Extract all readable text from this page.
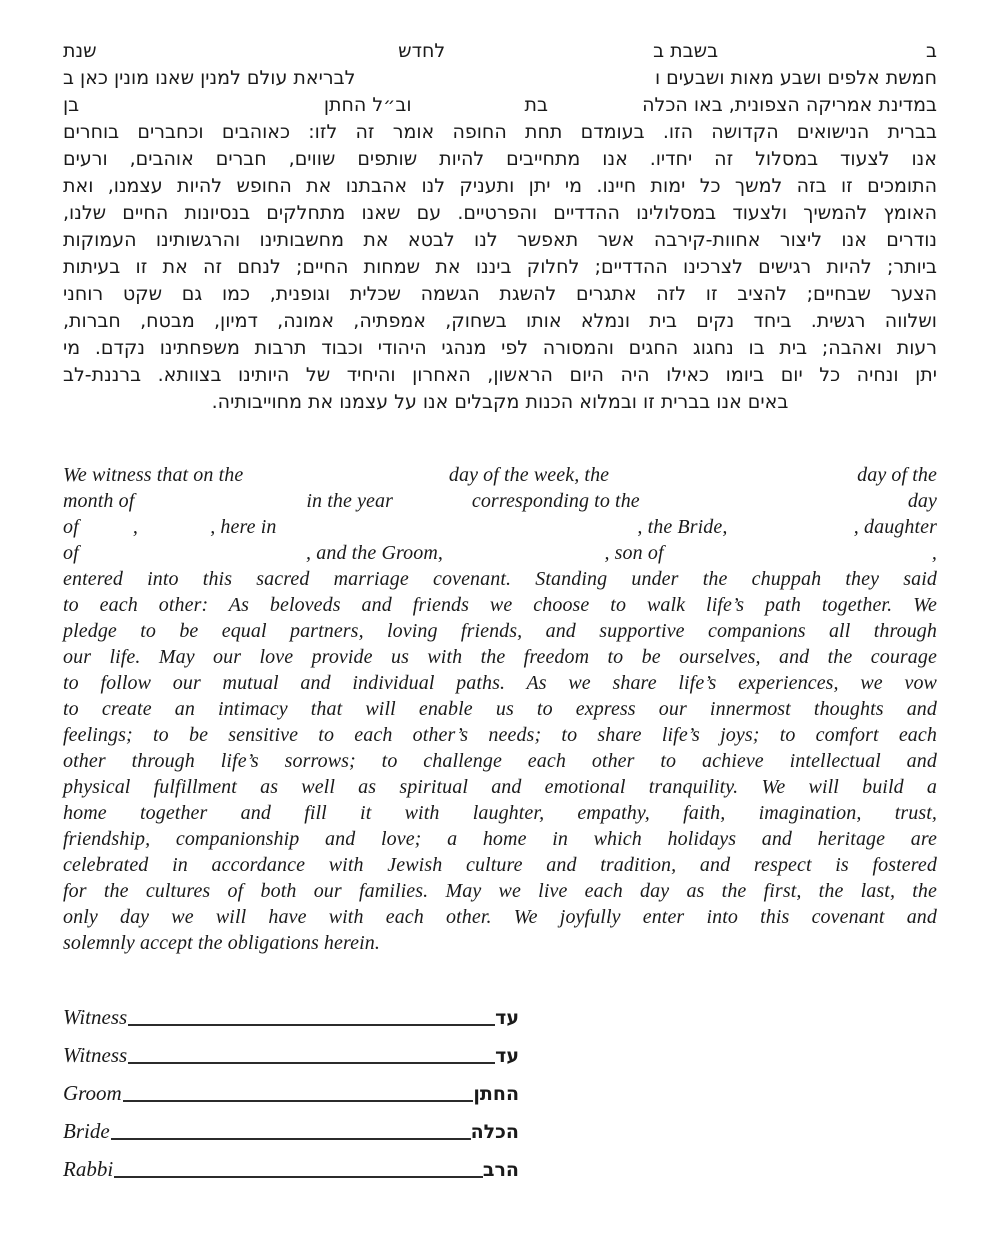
ב
בשבת ב
לחדש
שנת
חמשת אלפים ושבע מאות ושבעים ו
לבריאת עולם למנין שאנו מונין כאן ב
במדינת אמריקה הצפונית, באו הכלה
בת
וב״ל החתן
בן
בברית הנישואים הקדושה הזו. בעומדם תחת החופה אומר זה לזו: כאוהבים וכחברים בוחרים
אנו לצעוד במסלול זה יחדיו. אנו מתחייבים להיות שותפים שווים, חברים אוהבים, ורעים
התומכים זו בזה למשך כל ימות חיינו. מי יתן ותעניק לנו אהבתנו את החופש להיות עצמנו, ואת
האומץ להמשיך ולצעוד במסלולינו ההדדיים והפרטיים. עם שאנו מתחלקים בנסיונות החיים שלנו,
נודרים אנו ליצור אחוות-קירבה אשר תאפשר לנו לבטא את מחשבותינו והרגשותינו העמוקות
ביותר; להיות רגישים לצרכינו ההדדיים; לחלוק ביננו את שמחות החיים; לנחם זה את זו בעיתות
הצער שבחיים; להציב זו לזה אתגרים להשגת הגשמה שכלית וגופנית, כמו גם שקט רוחני
ושלווה רגשית. ביחד נקים בית ונמלא אותו בשחוק, אמפתיה, אמונה, דמיון, מבטח, חברות,
רעות ואהבה; בית בו נחגוג החגים והמסורה לפי מנהגי היהודי וכבוד תרבות משפחתינו נקדם. מי
יתן ונחיה כל יום ביומו כאילו היה היום הראשון, האחרון והיחיד של היותינו בצוותא. ברננת-לב
באים אנו בברית זו ובמלוא הכנות מקבלים אנו על עצמנו את מחוייבותיה.
We witness that on the	day of the week, the	day of the
month of	in the year	corresponding to the	day
of	,	, here in	, the Bride,	, daughter
of	, and the Groom,	, son of	,
entered into this sacred marriage covenant. Standing under the chuppah they said
to each other: As beloveds and friends we choose to walk life’s path together. We
pledge to be equal partners, loving friends, and supportive companions all through
our life. May our love provide us with the freedom to be ourselves, and the courage
to follow our mutual and individual paths. As we share life’s experiences, we vow
to create an intimacy that will enable us to express our innermost thoughts and
feelings; to be sensitive to each other’s needs; to share life’s joys; to comfort each
other through life’s sorrows; to challenge each other to achieve intellectual and
physical fulfillment as well as spiritual and emotional tranquility. We will build a
home together and fill it with laughter, empathy, faith, imagination, trust,
friendship, companionship and love; a home in which holidays and heritage are
celebrated in accordance with Jewish culture and tradition, and respect is fostered
for the cultures of both our families. May we live each day as the first, the last, the
only day we will have with each other. We joyfully enter into this covenant and
solemnly accept the obligations herein.
Witness	עד
Witness	עד
Groom	החתן
Bride	הכלה
Rabbi	הרב
